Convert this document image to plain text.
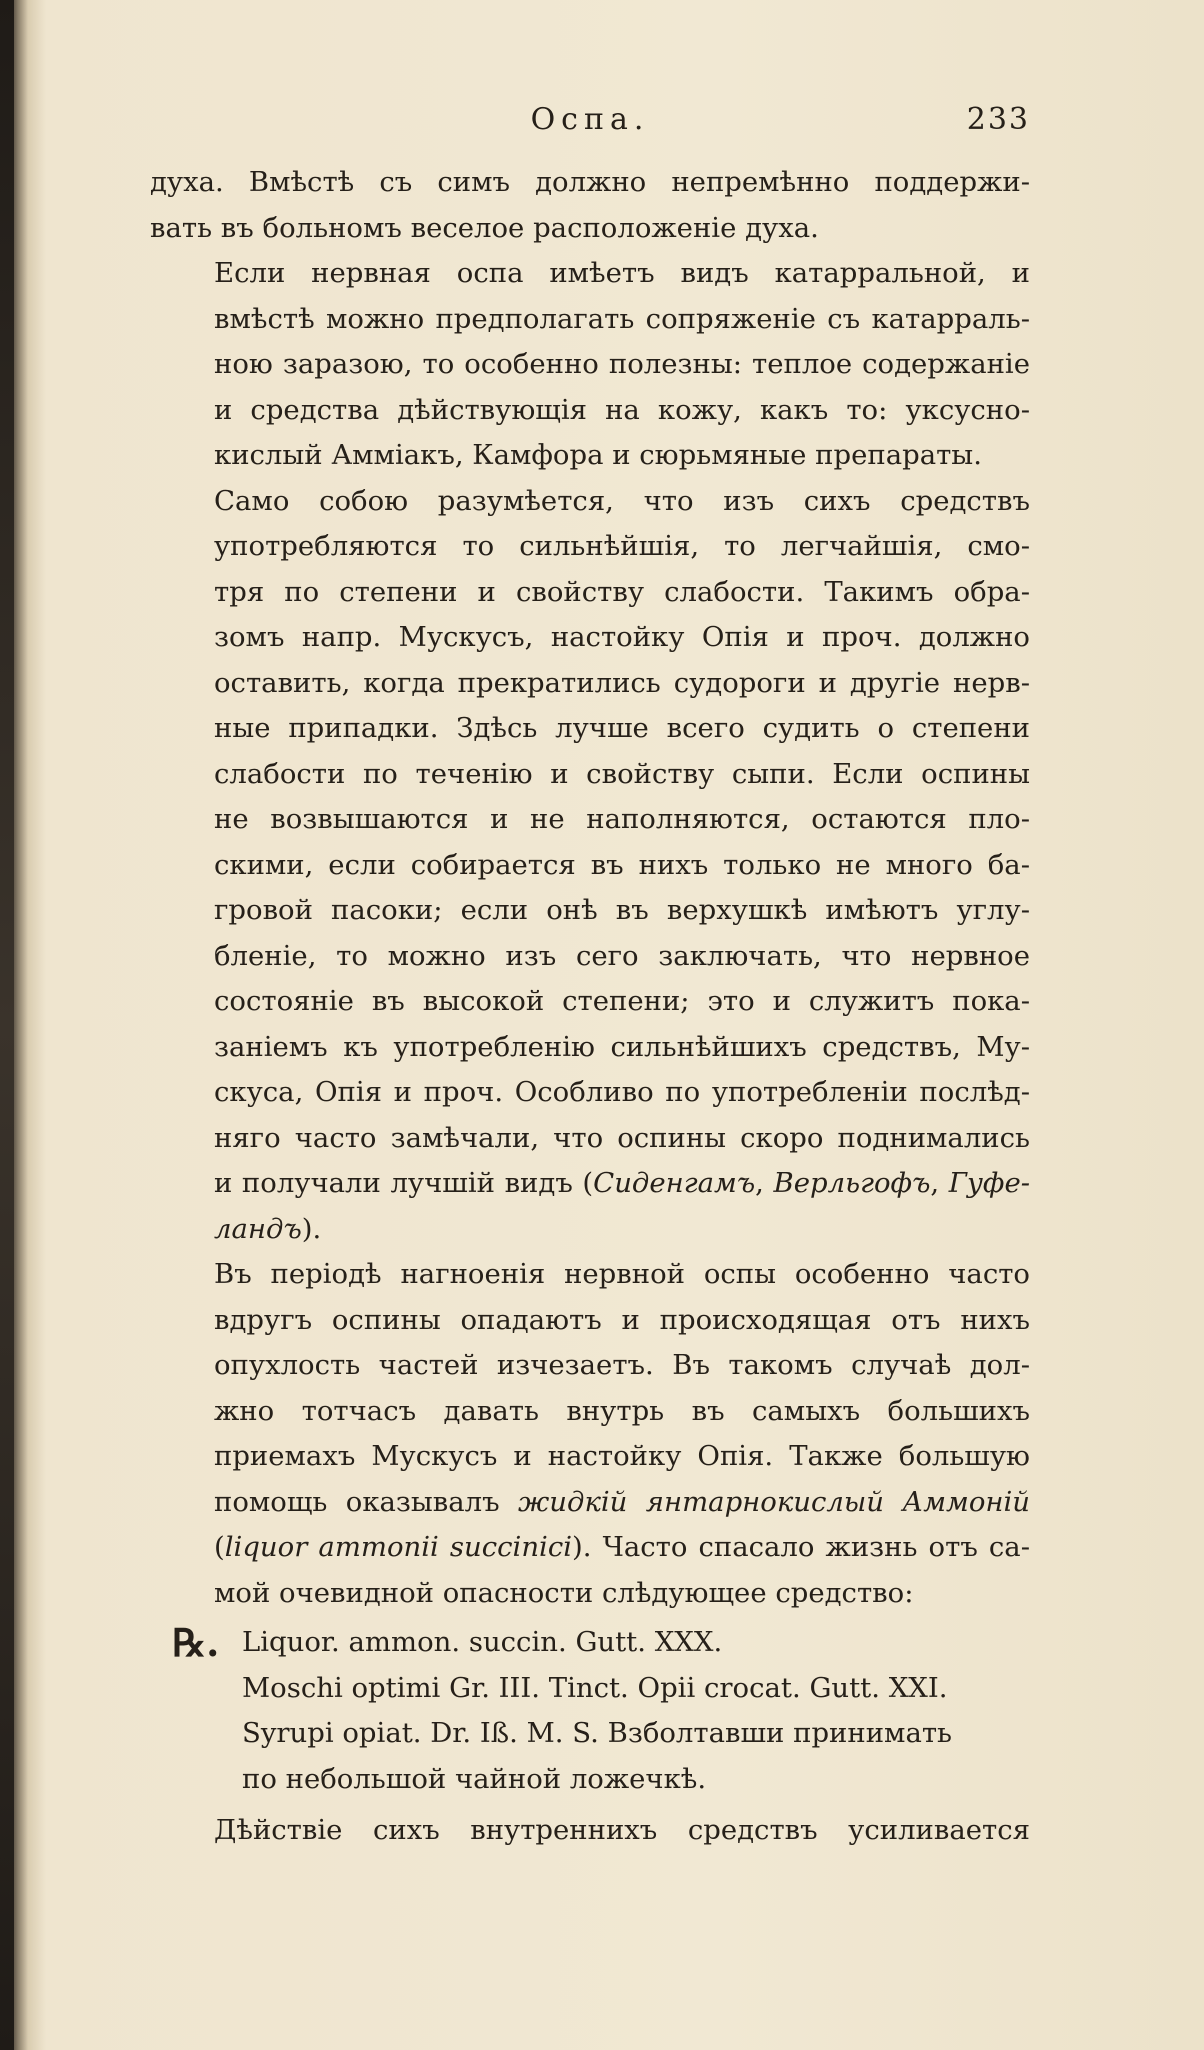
Оспа.	233

духа. Вмѣстѣ съ симъ должно непремѣнно поддержи-
вать въ больномъ веселое расположеніе духа.

Если нервная оспа имѣетъ видъ катарральной, и
вмѣстѣ можно предполагать сопряженіе съ катарраль-
ною заразою, то особенно полезны: теплое содержаніе
и средства дѣйствующія на кожу, какъ то: уксусно-
кислый Аммiакъ, Камфора и сюрьмяные препараты.

Само собою разумѣется, что изъ сихъ средствъ
употребляются то сильнѣйшія, то легчайшія, смо-
тря по степени и свойству слабости. Такимъ обра-
зомъ напр. Мускусъ, настойку Опія и проч. должно
оставить, когда прекратились судороги и другіе нерв-
ные припадки. Здѣсь лучше всего судить о степени
слабости по теченію и свойству сыпи. Если оспины
не возвышаются и не наполняются, остаются пло-
скими, если собирается въ нихъ только не много ба-
гровой пасоки; если онѣ въ верхушкѣ имѣютъ углу-
бленіе, то можно изъ сего заключать, что нервное
состояніе въ высокой степени; это и служитъ пока-
заніемъ къ употребленію сильнѣйшихъ средствъ, Му-
скуса, Опія и проч. Особливо по употребленіи послѣд-
няго часто замѣчали, что оспины скоро поднимались
и получали лучшій видъ (Сиденгамъ, Верльгофъ, Гуфе-
ландъ).

Въ періодѣ нагноенія нервной оспы особенно часто
вдругъ оспины опадаютъ и происходящая отъ нихъ
опухлость частей изчезаетъ. Въ такомъ случаѣ дол-
жно тотчасъ давать внутрь въ самыхъ большихъ
приемахъ Мускусъ и настойку Опія. Также большую
помощь оказывалъ жидкій янтарнокислый Аммоній
(liquor ammonii succinici). Часто спасало жизнь отъ са-
мой очевидной опасности слѣдующее средство:

℞. Liquor. ammon. succin. Gutt. XXX.
Moschi optimi Gr. III. Tinct. Opii crocat. Gutt. XXI.
Syrupi opiat. Dr. Iß. M. S. Взболтавши принимать
по небольшой чайной ложечкѣ.

Дѣйствіе сихъ внутреннихъ средствъ усиливается
